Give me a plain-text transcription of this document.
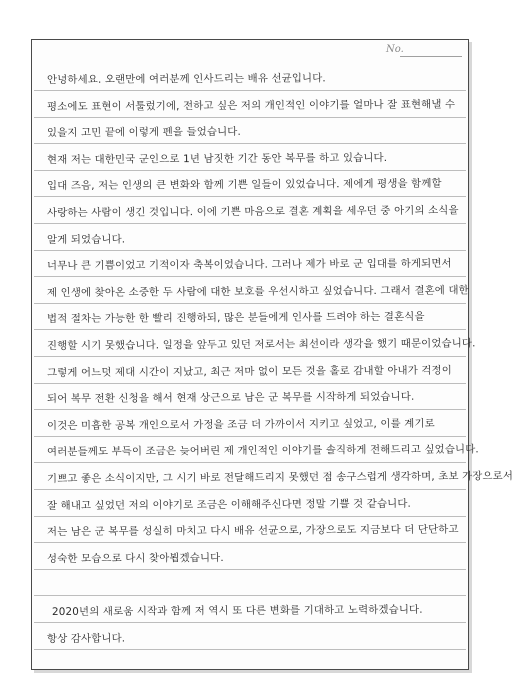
No.
안녕하세요. 오랜만에 여러분께 인사드리는 배유 선균입니다.
평소에도 표현이 서툴렀기에, 전하고 싶은 저의 개인적인 이야기를 얼마나 잘 표현해낼 수
있을지 고민 끝에 이렇게 펜을 들었습니다.
현재 저는 대한민국 군인으로 1년 남짓한 기간 동안 복무를 하고 있습니다.
입대 즈음, 저는 인생의 큰 변화와 함께 기쁜 일들이 있었습니다. 제에게 평생을 함께할
사랑하는 사람이 생긴 것입니다. 이에 기쁜 마음으로 결혼 계획을 세우던 중 아기의 소식을
알게 되었습니다.
너무나 큰 기쁨이었고 기적이자 축복이었습니다. 그러나 제가 바로 군 입대를 하게되면서
제 인생에 찾아온 소중한 두 사람에 대한 보호를 우선시하고 싶었습니다. 그래서 결혼에 대한
법적 절차는 가능한 한 빨리 진행하되, 많은 분들에게 인사를 드려야 하는 결혼식을
진행할 시기 못했습니다. 일정을 앞두고 있던 저로서는 최선이라 생각을 했기 때문이었습니다.
그렇게 어느덧 제대 시간이 지났고, 최근 저마 없이 모든 것을 홀로 감내할 아내가 걱정이
되어 복무 전환 신청을 해서 현재 상근으로 남은 군 복무를 시작하게 되었습니다.
이것은 미흡한 공복 개인으로서 가정을 조금 더 가까이서 지키고 싶었고, 이를 계기로
여러분들께도 부득이 조금은 늦어버린 제 개인적인 이야기를 솔직하게 전해드리고 싶었습니다.
기쁘고 좋은 소식이지만, 그 시기 바로 전달해드리지 못했던 점 송구스럽게 생각하며, 초보 가장으로서
잘 해내고 싶었던 저의 이야기로 조금은 이해해주신다면 정말 기쁠 것 같습니다.
저는 남은 군 복무를 성실히 마치고 다시 배유 선균으로, 가장으로도 지금보다 더 단단하고
성숙한 모습으로 다시 찾아뵙겠습니다.
2020년의 새로움 시작과 함께 저 역시 또 다른 변화를 기대하고 노력하겠습니다.
항상 감사합니다.
